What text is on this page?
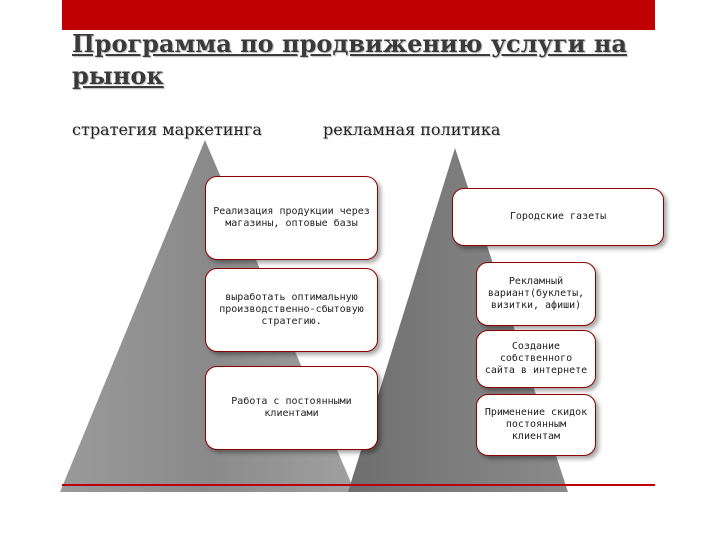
Программа по продвижению услуги на рынок
стратегия маркетинга	рекламная политика
Реализация продукции через магазины, оптовые базы
выработать оптимальную производственно-сбытовую стратегию.
Работа с постоянными клиентами
Городские газеты
Рекламный вариант(буклеты, визитки, афиши)
Создание собственного сайта в интернете
Применение скидок постоянным клиентам
